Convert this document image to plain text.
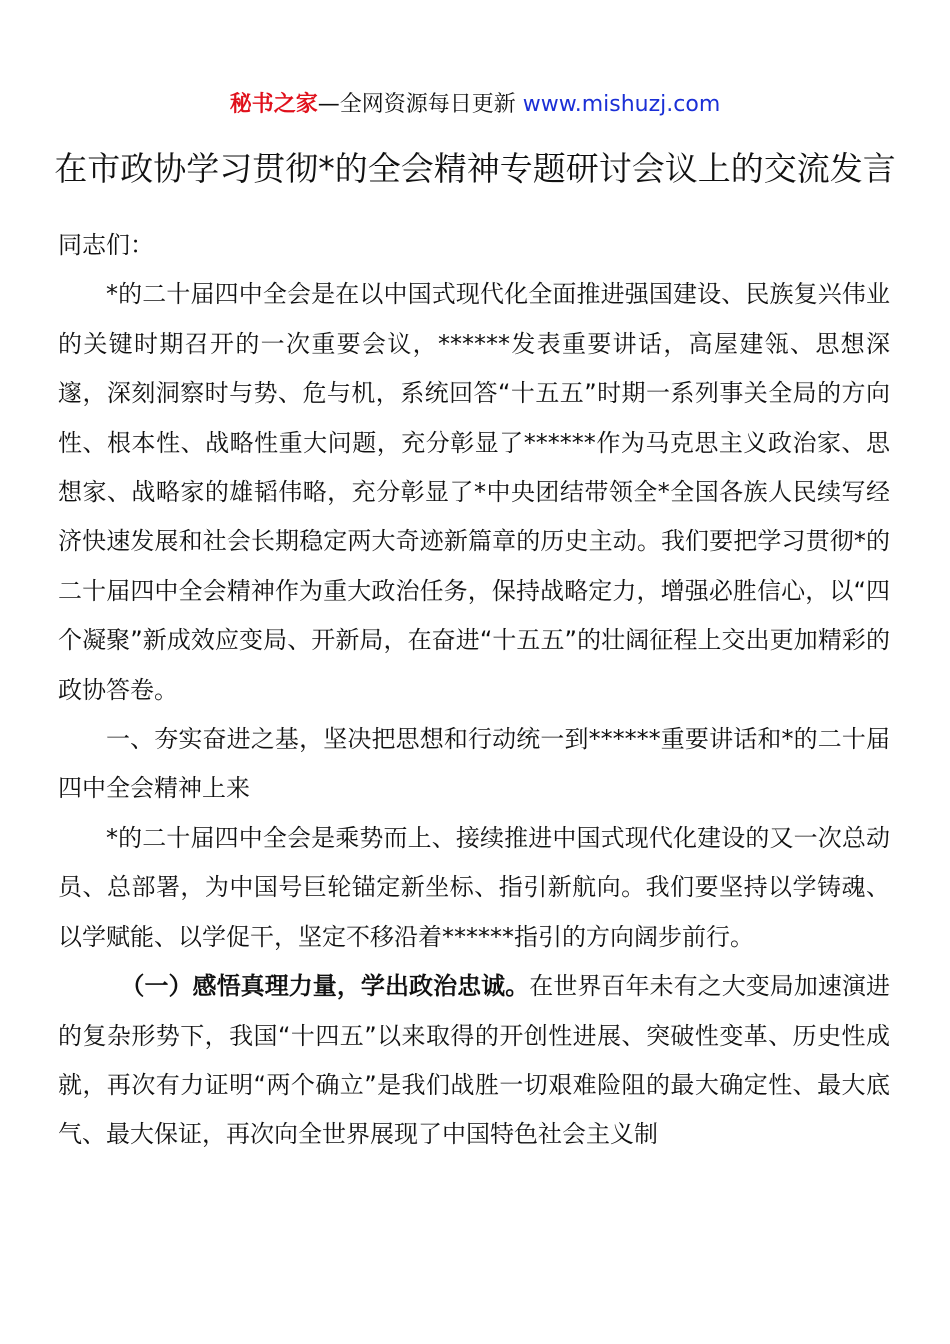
秘书之家—全网资源每日更新 www.mishuzj.com
在市政协学习贯彻*的全会精神专题研讨会议上的交流发言

同志们：

*的二十届四中全会是在以中国式现代化全面推进强国建设、民族复兴伟业的关键时期召开的一次重要会议，******发表重要讲话，高屋建瓴、思想深邃，深刻洞察时与势、危与机，系统回答“十五五”时期一系列事关全局的方向性、根本性、战略性重大问题，充分彰显了******作为马克思主义政治家、思想家、战略家的雄韬伟略，充分彰显了*中央团结带领全*全国各族人民续写经济快速发展和社会长期稳定两大奇迹新篇章的历史主动。我们要把学习贯彻*的二十届四中全会精神作为重大政治任务，保持战略定力，增强必胜信心，以“四个凝聚”新成效应变局、开新局，在奋进“十五五”的壮阔征程上交出更加精彩的政协答卷。

一、夯实奋进之基，坚决把思想和行动统一到******重要讲话和*的二十届四中全会精神上来

*的二十届四中全会是乘势而上、接续推进中国式现代化建设的又一次总动员、总部署，为中国号巨轮锚定新坐标、指引新航向。我们要坚持以学铸魂、以学赋能、以学促干，坚定不移沿着******指引的方向阔步前行。

（一）感悟真理力量，学出政治忠诚。在世界百年未有之大变局加速演进的复杂形势下，我国“十四五”以来取得的开创性进展、突破性变革、历史性成就，再次有力证明“两个确立”是我们战胜一切艰难险阻的最大确定性、最大底气、最大保证，再次向全世界展现了中国特色社会主义制
